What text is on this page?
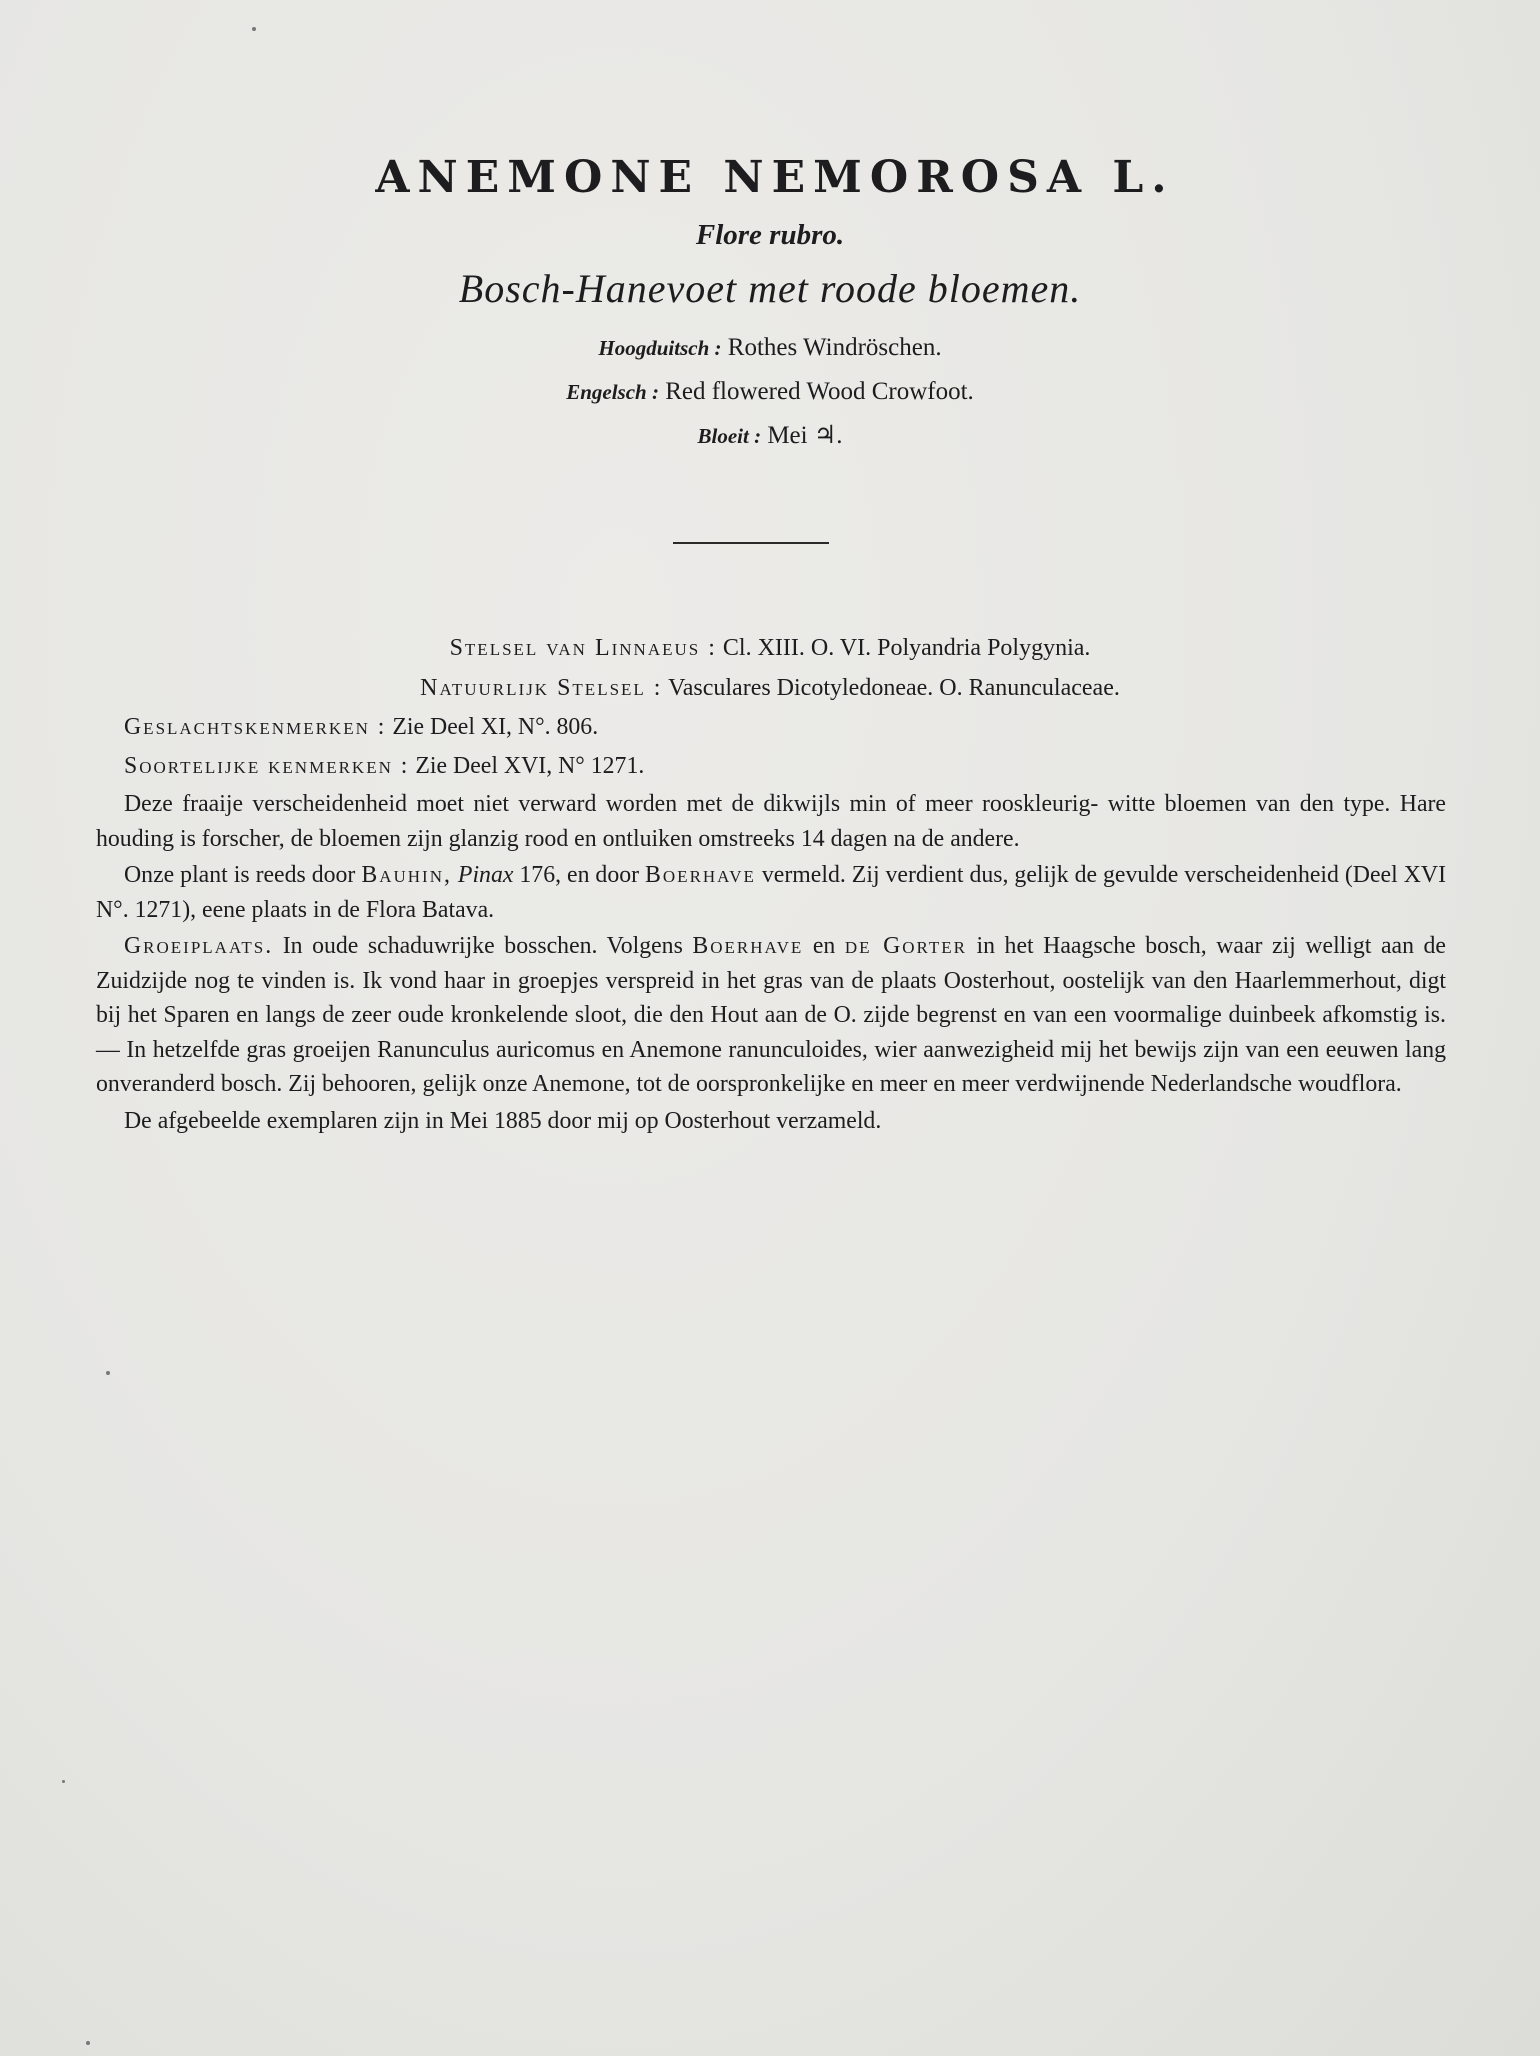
ANEMONE NEMOROSA L.
Flore rubro.
Bosch-Hanevoet met roode bloemen.
Hoogduitsch : Rothes Windröschen.
Engelsch : Red flowered Wood Crowfoot.
Bloeit : Mei ♃.
Stelsel van Linnaeus : Cl. XIII. O. VI. Polyandria Polygynia.
Natuurlijk Stelsel : Vasculares Dicotyledoneae. O. Ranunculaceae.

Geslachtskenmerken : Zie Deel XI, N°. 806.

Soortelijke kenmerken : Zie Deel XVI, N° 1271.

Deze fraaije verscheidenheid moet niet verward worden met de dikwijls min of meer rooskleurig- witte bloemen van den type. Hare houding is forscher, de bloemen zijn glanzig rood en ontluiken omstreeks 14 dagen na de andere.

Onze plant is reeds door Bauhin, Pinax 176, en door Boerhave vermeld. Zij verdient dus, gelijk de gevulde verscheidenheid (Deel XVI N°. 1271), eene plaats in de Flora Batava.

Groeiplaats. In oude schaduwrijke bosschen. Volgens Boerhave en de Gorter in het Haagsche bosch, waar zij welligt aan de Zuidzijde nog te vinden is. Ik vond haar in groepjes verspreid in het gras van de plaats Oosterhout, oostelijk van den Haarlemmerhout, digt bij het Sparen en langs de zeer oude kronkelende sloot, die den Hout aan de O. zijde begrenst en van een voormalige duinbeek afkomstig is. — In hetzelfde gras groeijen Ranunculus auricomus en Anemone ranunculoides, wier aanwezigheid mij het bewijs zijn van een eeuwen lang onveranderd bosch. Zij behooren, gelijk onze Anemone, tot de oorspronkelijke en meer en meer verdwijnende Nederlandsche woudflora.

De afgebeelde exemplaren zijn in Mei 1885 door mij op Oosterhout verzameld.
